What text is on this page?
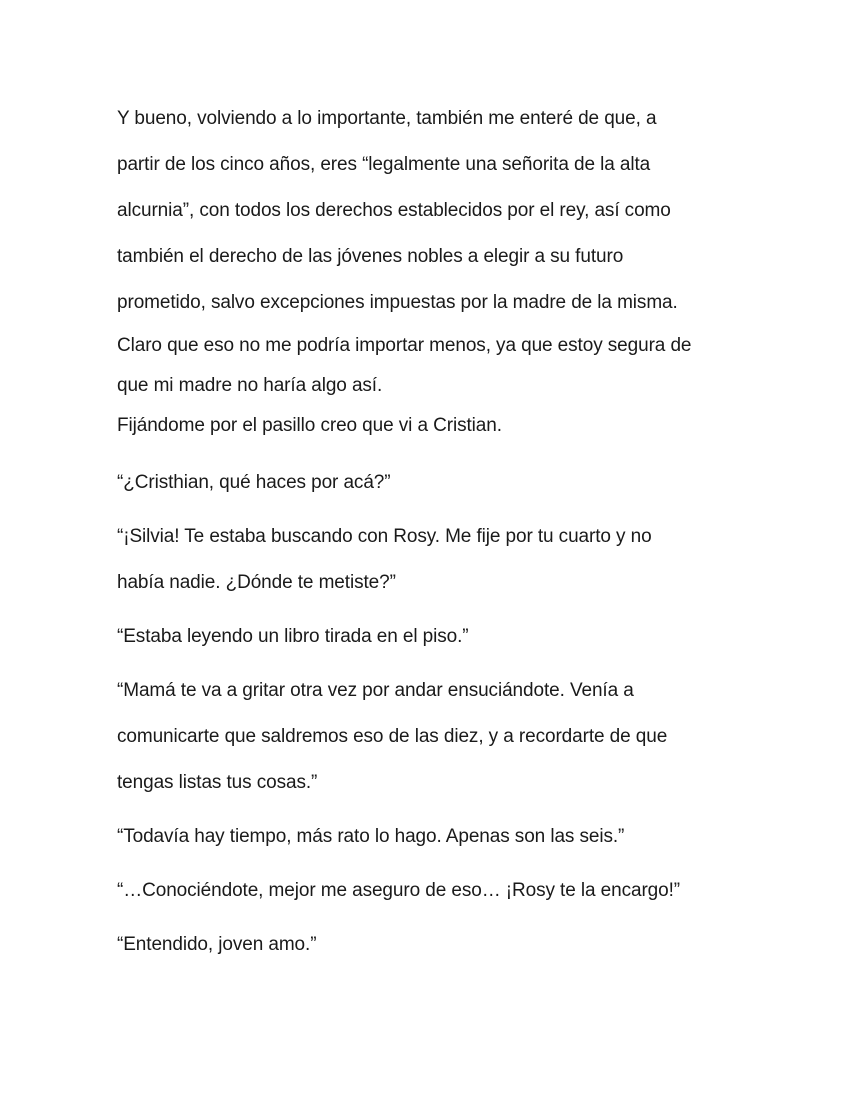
Y bueno, volviendo a lo importante, también me enteré de que, a
partir de los cinco años, eres “legalmente una señorita de la alta
alcurnia”, con todos los derechos establecidos por el rey, así como
también el derecho de las jóvenes nobles a elegir a su futuro
prometido, salvo excepciones impuestas por la madre de la misma.
Claro que eso no me podría importar menos, ya que estoy segura de
que mi madre no haría algo así.
Fijándome por el pasillo creo que vi a Cristian.
“¿Cristhian, qué haces por acá?”
“¡Silvia! Te estaba buscando con Rosy. Me fije por tu cuarto y no
había nadie. ¿Dónde te metiste?”
“Estaba leyendo un libro tirada en el piso.”
“Mamá te va a gritar otra vez por andar ensuciándote. Venía a
comunicarte que saldremos eso de las diez, y a recordarte de que
tengas listas tus cosas.”
“Todavía hay tiempo, más rato lo hago. Apenas son las seis.”
“…Conociéndote, mejor me aseguro de eso… ¡Rosy te la encargo!”
“Entendido, joven amo.”
